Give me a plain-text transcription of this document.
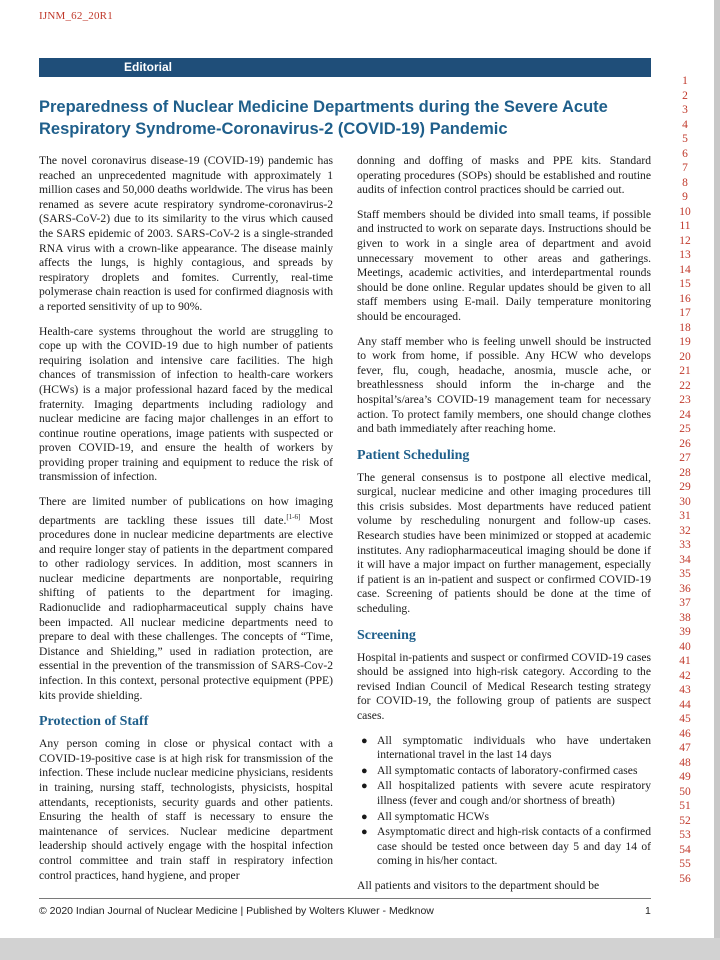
IJNM_62_20R1
Editorial
1
2
3
4
5
6
7
8
9
10
11
12
13
14
15
16
17
18
19
20
21
22
23
24
25
26
27
28
29
30
31
32
33
34
35
36
37
38
39
40
41
42
43
44
45
46
47
48
49
50
51
52
53
54
55
56
Preparedness of Nuclear Medicine Departments during the Severe Acute Respiratory Syndrome-Coronavirus-2 (COVID-19) Pandemic

The novel coronavirus disease-19 (COVID-19) pandemic has reached an unprecedented magnitude with approximately 1 million cases and 50,000 deaths worldwide. The virus has been renamed as severe acute respiratory syndrome-coronavirus-2 (SARS-CoV-2) due to its similarity to the virus which caused the SARS epidemic of 2003. SARS-CoV-2 is a single-stranded RNA virus with a crown-like appearance. The disease mainly affects the lungs, is highly contagious, and spreads by respiratory droplets and fomites. Currently, real-time polymerase chain reaction is used for confirmed diagnosis with a reported sensitivity of up to 90%.

Health-care systems throughout the world are struggling to cope up with the COVID-19 due to high number of patients requiring isolation and intensive care facilities. The high chances of transmission of infection to health-care workers (HCWs) is a major professional hazard faced by the medical fraternity. Imaging departments including radiology and nuclear medicine are facing major challenges in an effort to continue routine operations, image patients with suspected or proven COVID-19, and ensure the health of workers by providing proper training and equipment to reduce the risk of transmission of infection.

There are limited number of publications on how imaging departments are tackling these issues till date.[1-6] Most procedures done in nuclear medicine departments are elective and require longer stay of patients in the department compared to other radiology services. In addition, most scanners in nuclear medicine departments are nonportable, requiring shifting of patients to the department for imaging. Radionuclide and radiopharmaceutical supply chains have been impacted. All nuclear medicine departments need to prepare to deal with these challenges. The concepts of “Time, Distance and Shielding,” used in radiation protection, are essential in the prevention of the transmission of SARS-Cov-2 infection. In this context, personal protective equipment (PPE) kits provide shielding.

Protection of Staff

Any person coming in close or physical contact with a COVID-19-positive case is at high risk for transmission of the infection. These include nuclear medicine physicians, residents in training, nursing staff, technologists, physicists, hospital attendants, receptionists, security guards and other patients. Ensuring the health of staff is necessary to ensure the maintenance of services. Nuclear medicine department leadership should actively engage with the hospital infection control committee and train staff in respiratory infection control practices, hand hygiene, and proper

donning and doffing of masks and PPE kits. Standard operating procedures (SOPs) should be established and routine audits of infection control practices should be carried out.

Staff members should be divided into small teams, if possible and instructed to work on separate days. Instructions should be given to work in a single area of department and avoid unnecessary movement to other areas and gatherings. Meetings, academic activities, and interdepartmental rounds should be done online. Regular updates should be given to all staff members using E-mail. Daily temperature monitoring should be encouraged.

Any staff member who is feeling unwell should be instructed to work from home, if possible. Any HCW who develops fever, flu, cough, headache, anosmia, muscle ache, or breathlessness should inform the in-charge and the hospital’s/area’s COVID-19 management team for necessary action. To protect family members, one should change clothes and bath immediately after reaching home.

Patient Scheduling

The general consensus is to postpone all elective medical, surgical, nuclear medicine and other imaging procedures till this crisis subsides. Most departments have reduced patient volume by rescheduling nonurgent and follow-up cases. Research studies have been minimized or stopped at academic institutes. Any radiopharmaceutical imaging should be done if it will have a major impact on further management, especially if patient is an in-patient and suspect or confirmed COVID-19 case. Screening of patients should be done at the time of scheduling.

Screening

Hospital in-patients and suspect or confirmed COVID-19 cases should be assigned into high-risk category. According to the revised Indian Council of Medical Research testing strategy for COVID-19, the following group of patients are suspect cases.

● All symptomatic individuals who have undertaken international travel in the last 14 days
● All symptomatic contacts of laboratory-confirmed cases
● All hospitalized patients with severe acute respiratory illness (fever and cough and/or shortness of breath)
● All symptomatic HCWs
● Asymptomatic direct and high-risk contacts of a confirmed case should be tested once between day 5 and day 14 of coming in his/her contact.

All patients and visitors to the department should be

© 2020 Indian Journal of Nuclear Medicine | Published by Wolters Kluwer - Medknow	1
